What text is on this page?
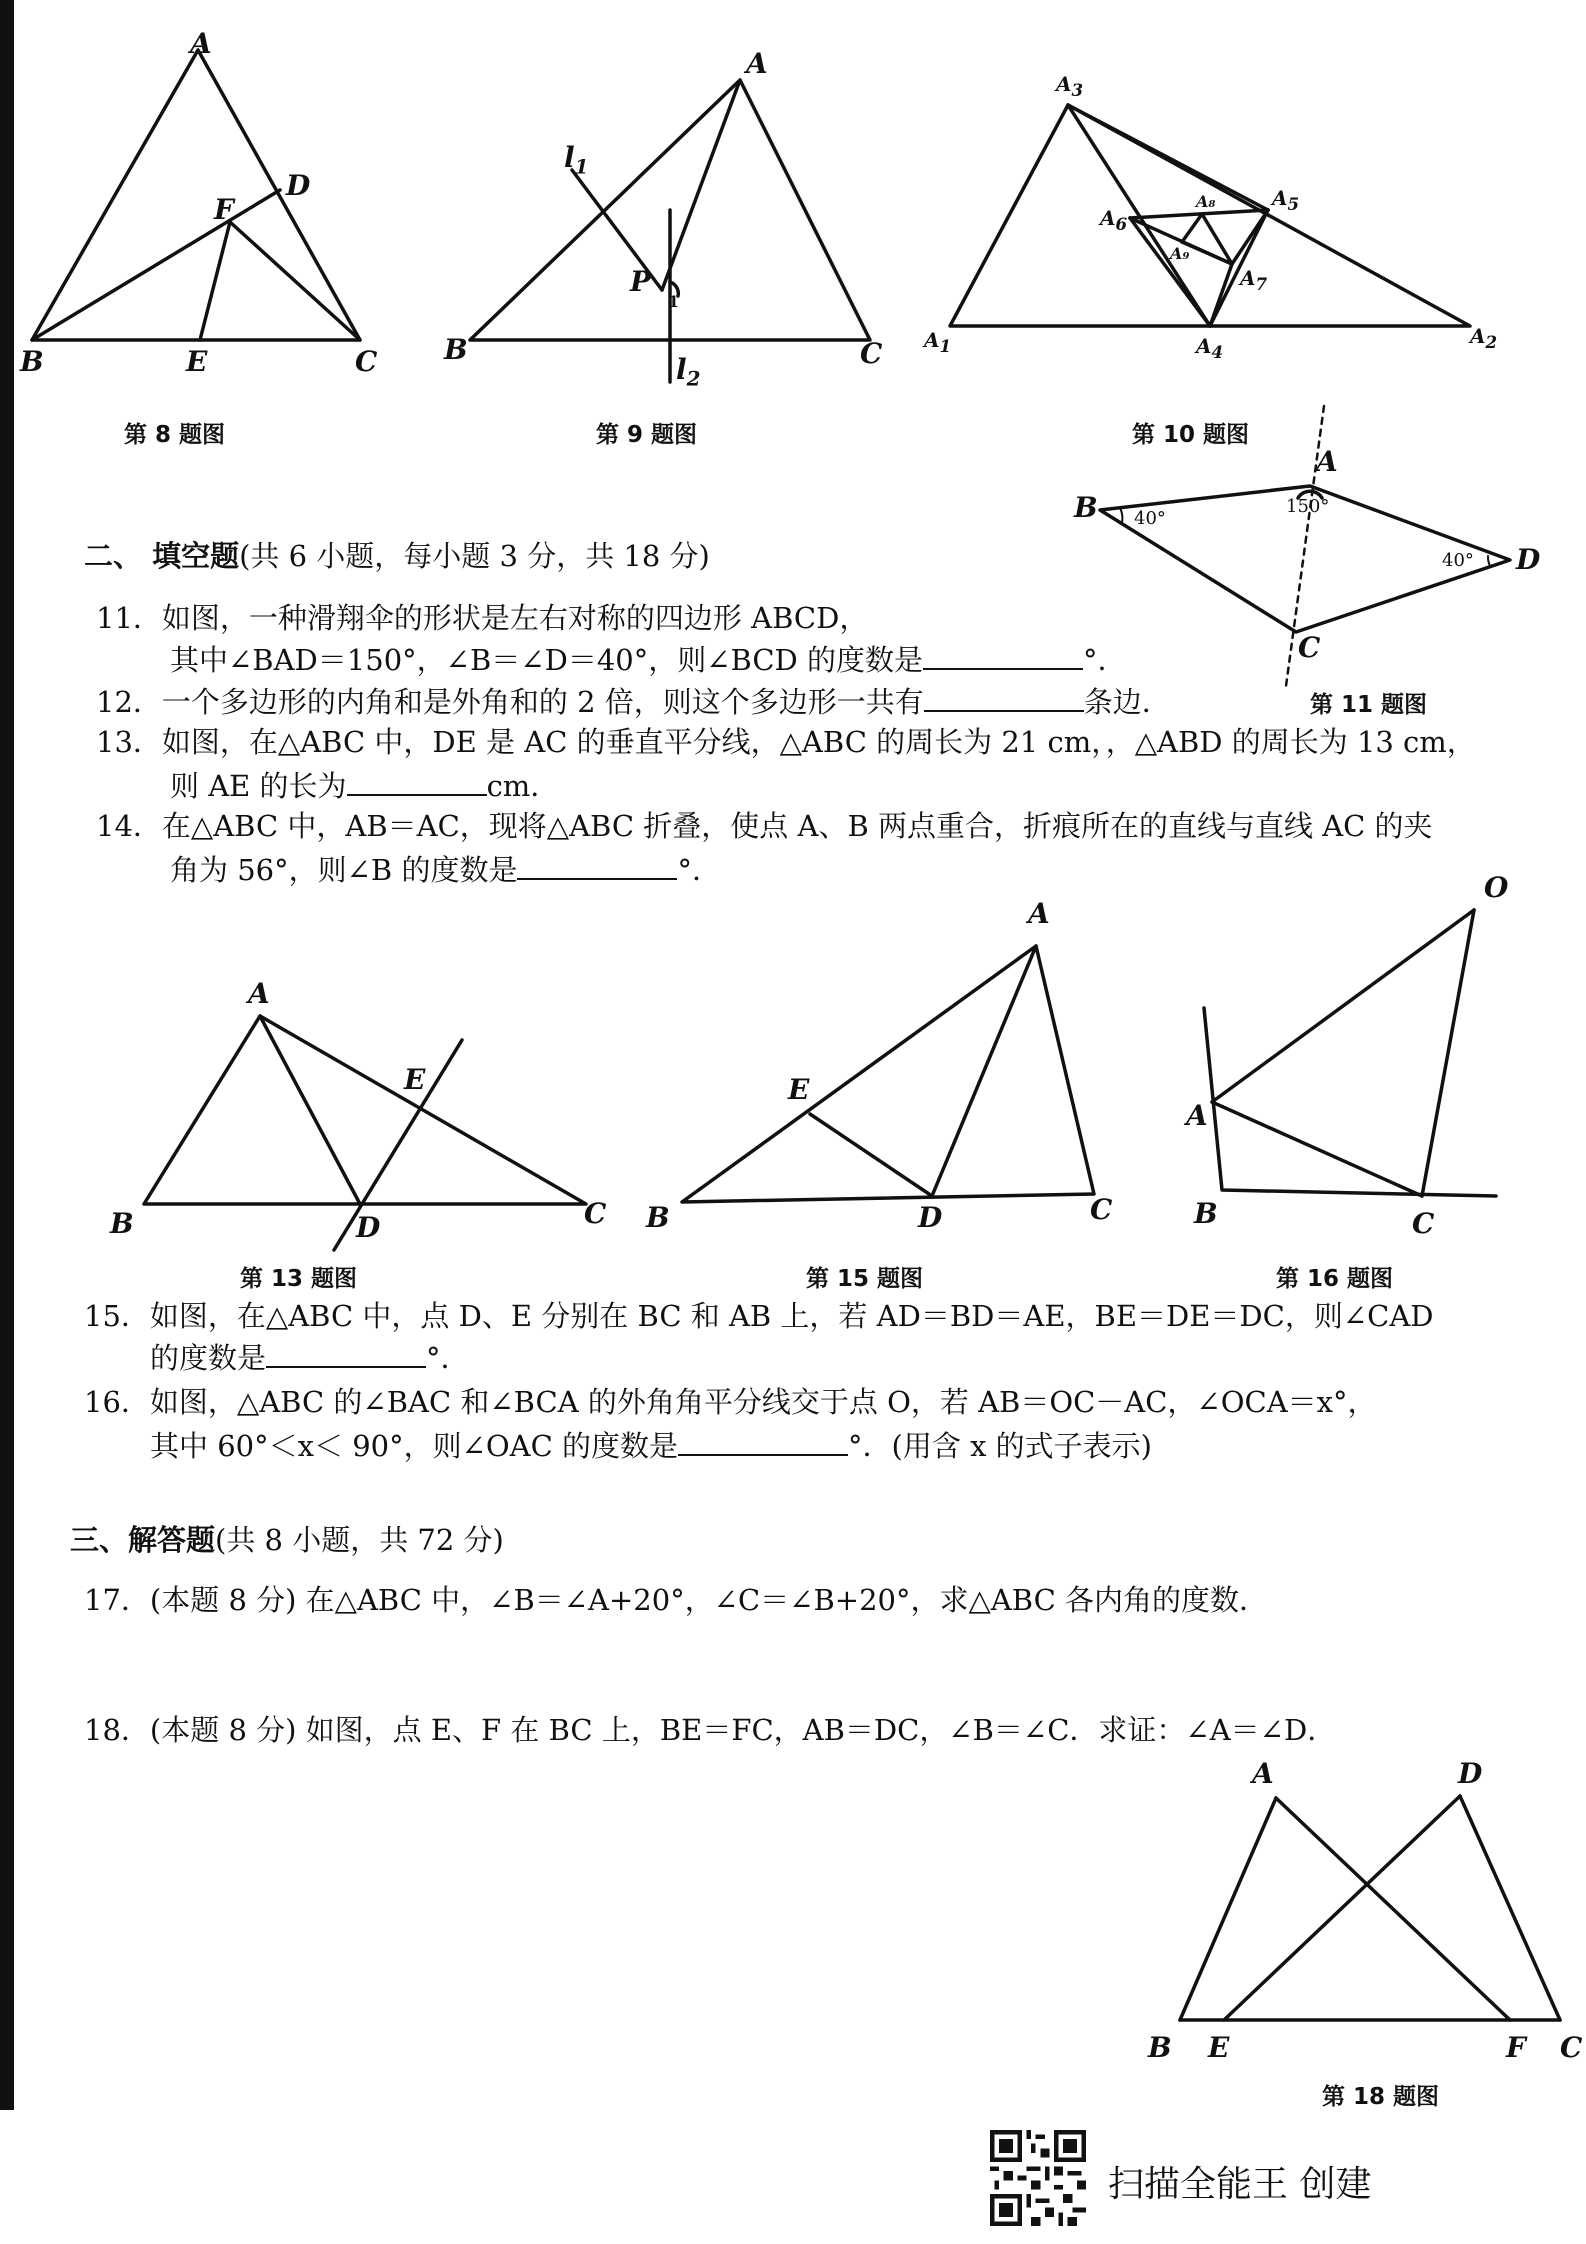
A
B	C
D
E
F
第 8 题图
A
B	C
P
$l_1$
$l_2$
1
第 9 题图
$A_3$
$A_1$	$A_2$
$A_4$
$A_5$
$A_6$
$A_7$
A₈
A₉
第 10 题图
A
B
C
D
150°
40°
40°
第 11 题图
二、 填空题(共 6 小题，每小题 3 分，共 18 分)
11．如图，一种滑翔伞的形状是左右对称的四边形 ABCD，
其中∠BAD＝150°，∠B＝∠D＝40°，则∠BCD 的度数是	°．
12．一个多边形的内角和是外角和的 2 倍，则这个多边形一共有	条边．
13．如图，在△ABC 中，DE 是 AC 的垂直平分线，△ABC 的周长为 21 cm，，△ABD 的周长为 13 cm，
则 AE 的长为	cm．
14．在△ABC 中，AB＝AC，现将△ABC 折叠，使点 A、B 两点重合，折痕所在的直线与直线 AC 的夹
角为 56°，则∠B 的度数是	°．
A
B	C
D
E
第 13 题图
A
B	C
D
E
第 15 题图
O
A
B	C
第 16 题图
15．如图，在△ABC 中，点 D、E 分别在 BC 和 AB 上，若 AD＝BD＝AE，BE＝DE＝DC，则∠CAD
的度数是	°．
16．如图，△ABC 的∠BAC 和∠BCA 的外角角平分线交于点 O，若 AB＝OC－AC，∠OCA＝x°，
其中 60°＜x＜ 90°，则∠OAC 的度数是	°．(用含 x 的式子表示)
三、解答题(共 8 小题，共 72 分)
17．(本题 8 分) 在△ABC 中，∠B＝∠A+20°，∠C＝∠B+20°，求△ABC 各内角的度数．
18．(本题 8 分) 如图，点 E、F 在 BC 上，BE＝FC，AB＝DC，∠B＝∠C．求证：∠A＝∠D．
A	D
B E	F C
第 18 题图
扫描全能王 创建
